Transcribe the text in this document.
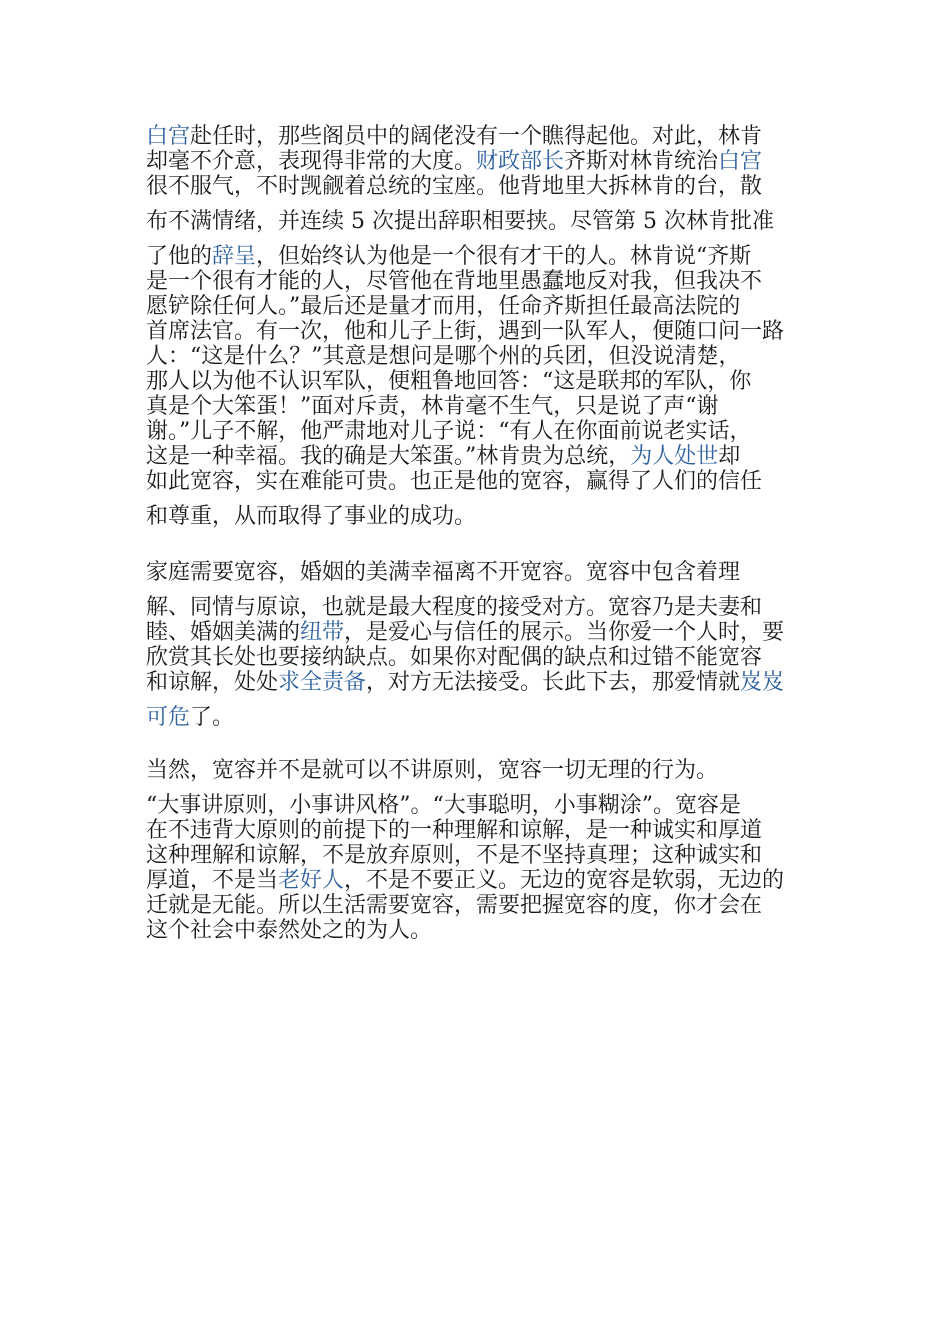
白宫赴任时，那些阁员中的阔佬没有一个瞧得起他。对此，林肯
却毫不介意，表现得非常的大度。财政部长齐斯对林肯统治白宫
很不服气，不时觊觎着总统的宝座。他背地里大拆林肯的台，散
布不满情绪，并连续 5 次提出辞职相要挟。尽管第 5 次林肯批准
了他的辞呈，但始终认为他是一个很有才干的人。林肯说“齐斯
是一个很有才能的人，尽管他在背地里愚蠢地反对我，但我决不
愿铲除任何人。”最后还是量才而用，任命齐斯担任最高法院的
首席法官。有一次，他和儿子上街，遇到一队军人，便随口问一路
人：“这是什么？”其意是想问是哪个州的兵团，但没说清楚，
那人以为他不认识军队，便粗鲁地回答：“这是联邦的军队，你
真是个大笨蛋！”面对斥责，林肯毫不生气，只是说了声“谢
谢。”儿子不解，他严肃地对儿子说：“有人在你面前说老实话，
这是一种幸福。我的确是大笨蛋。”林肯贵为总统，为人处世却
如此宽容，实在难能可贵。也正是他的宽容，赢得了人们的信任
和尊重，从而取得了事业的成功。
家庭需要宽容，婚姻的美满幸福离不开宽容。宽容中包含着理
解、同情与原谅，也就是最大程度的接受对方。宽容乃是夫妻和
睦、婚姻美满的纽带，是爱心与信任的展示。当你爱一个人时，要
欣赏其长处也要接纳缺点。如果你对配偶的缺点和过错不能宽容
和谅解，处处求全责备，对方无法接受。长此下去，那爱情就岌岌
可危了。
当然，宽容并不是就可以不讲原则，宽容一切无理的行为。
“大事讲原则，小事讲风格”。“大事聪明，小事糊涂”。宽容是
在不违背大原则的前提下的一种理解和谅解，是一种诚实和厚道
这种理解和谅解，不是放弃原则，不是不坚持真理；这种诚实和
厚道，不是当老好人，不是不要正义。无边的宽容是软弱，无边的
迁就是无能。所以生活需要宽容，需要把握宽容的度，你才会在
这个社会中泰然处之的为人。
